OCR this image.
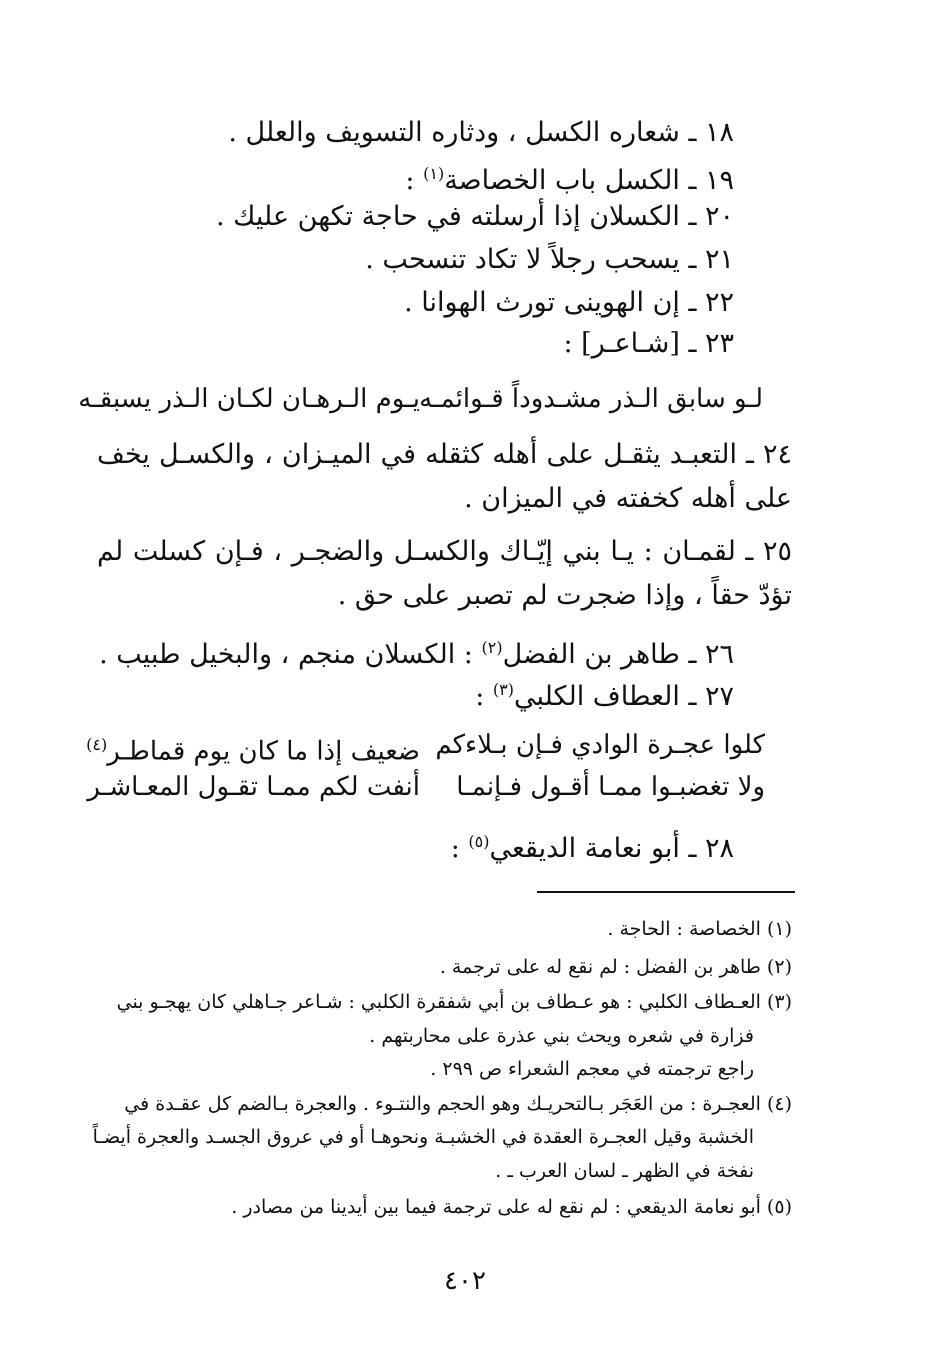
١٨ ـ شعاره الكسل ، ودثاره التسويف والعلل .
١٩ ـ الكسل باب الخصاصة$^{(١)}$ :
٢٠ ـ الكسلان إذا أرسلته في حاجة تكهن عليك .
٢١ ـ يسحب رجلاً لا تكاد تنسحب .
٢٢ ـ إن الهوينى تورث الهوانا .
٢٣ ـ [شـاعـر] :
لـو سابق الـذر مشـدوداً قـوائمـه
يـوم الـرهـان لكـان الـذر يسبقـه
٢٤ ـ التعبـد يثقـل على أهله كثقله في الميـزان ، والكسـل يخف على أهله كخفته في الميزان .
٢٥ ـ لقمـان : يـا بني إيّـاك والكسـل والضجـر ، فـإن كسلت لم تؤدّ حقاً ، وإذا ضجرت لم تصبر على حق .
٢٦ ـ طاهر بن الفضل$^{(٢)}$ : الكسلان منجم ، والبخيل طبيب .
٢٧ ـ العطاف الكلبي$^{(٣)}$ :
كلوا عجـرة الوادي فـإن بـلاءكم
ضعيف إذا ما كان يوم قماطـر$^{(٤)}$
ولا تغضبـوا ممـا أقـول فـإنمـا
أنفت لكم ممـا تقـول المعـاشـر
٢٨ ـ أبو نعامة الديقعي$^{(٥)}$ :
(١) الخصاصة : الحاجة .
(٢) طاهر بن الفضل : لم نقع له على ترجمة .
(٣) العـطاف الكلبي : هو عـطاف بن أبي شفقرة الكلبي : شـاعر جـاهلي كان يهجـو بني
فزارة في شعره ويحث بني عذرة على محاربتهم .
راجع ترجمته في معجم الشعراء ص ٢٩٩ .
(٤) العجـرة : من العَجَر بـالتحريـك وهو الحجم والنتـوء . والعجرة بـالضم كل عقـدة في
الخشبة وقيل العجـرة العقدة في الخشبـة ونحوهـا أو في عروق الجسـد والعجرة أيضـاً
نفخة في الظهر ـ لسان العرب ـ .
(٥) أبو نعامة الديقعي : لم نقع له على ترجمة فيما بين أيدينا من مصادر .
٤٠٢
